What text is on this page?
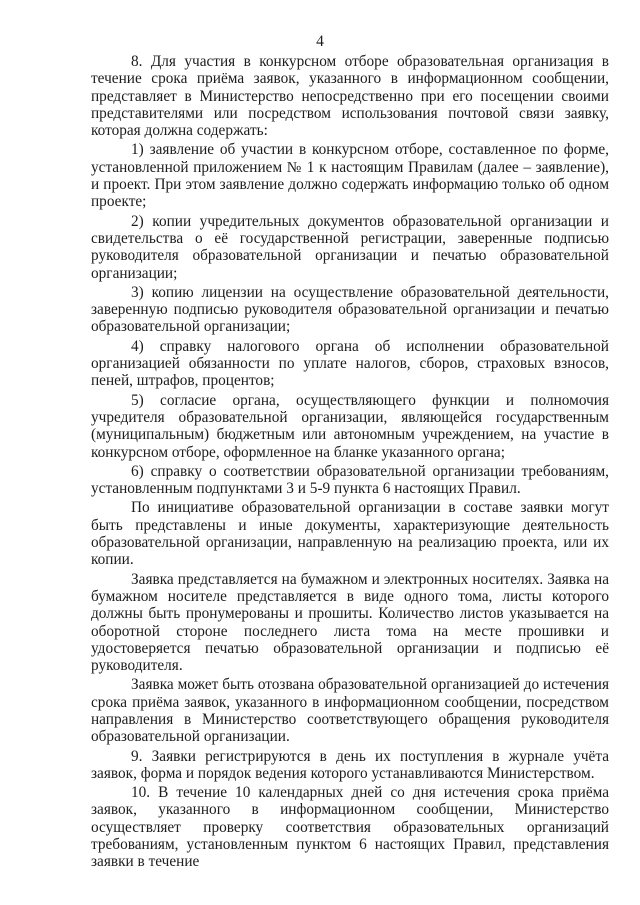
4

8. Для участия в конкурсном отборе образовательная организация в течение срока приёма заявок, указанного в информационном сообщении, представляет в Министерство непосредственно при его посещении своими представителями или посредством использования почтовой связи заявку, которая должна содержать:

1) заявление об участии в конкурсном отборе, составленное по форме, установленной приложением № 1 к настоящим Правилам (далее – заявление), и проект. При этом заявление должно содержать информацию только об одном проекте;

2) копии учредительных документов образовательной организации и свидетельства о её государственной регистрации, заверенные подписью руководителя образовательной организации и печатью образовательной организации;

3) копию лицензии на осуществление образовательной деятельности, заверенную подписью руководителя образовательной организации и печатью образовательной организации;

4) справку налогового органа об исполнении образовательной организацией обязанности по уплате налогов, сборов, страховых взносов, пеней, штрафов, процентов;

5) согласие органа, осуществляющего функции и полномочия учредителя образовательной организации, являющейся государственным (муниципальным) бюджетным или автономным учреждением, на участие в конкурсном отборе, оформленное на бланке указанного органа;

6) справку о соответствии образовательной организации требованиям, установленным подпунктами 3 и 5-9 пункта 6 настоящих Правил.

По инициативе образовательной организации в составе заявки могут быть представлены и иные документы, характеризующие деятельность образовательной организации, направленную на реализацию проекта, или их копии.

Заявка представляется на бумажном и электронных носителях. Заявка на бумажном носителе представляется в виде одного тома, листы которого должны быть пронумерованы и прошиты. Количество листов указывается на оборотной стороне последнего листа тома на месте прошивки и удостоверяется печатью образовательной организации и подписью её руководителя.

Заявка может быть отозвана образовательной организацией до истечения срока приёма заявок, указанного в информационном сообщении, посредством направления в Министерство соответствующего обращения руководителя образовательной организации.

9. Заявки регистрируются в день их поступления в журнале учёта заявок, форма и порядок ведения которого устанавливаются Министерством.

10. В течение 10 календарных дней со дня истечения срока приёма заявок, указанного в информационном сообщении, Министерство осуществляет проверку соответствия образовательных организаций требованиям, установленным пунктом 6 настоящих Правил, представления заявки в течение
